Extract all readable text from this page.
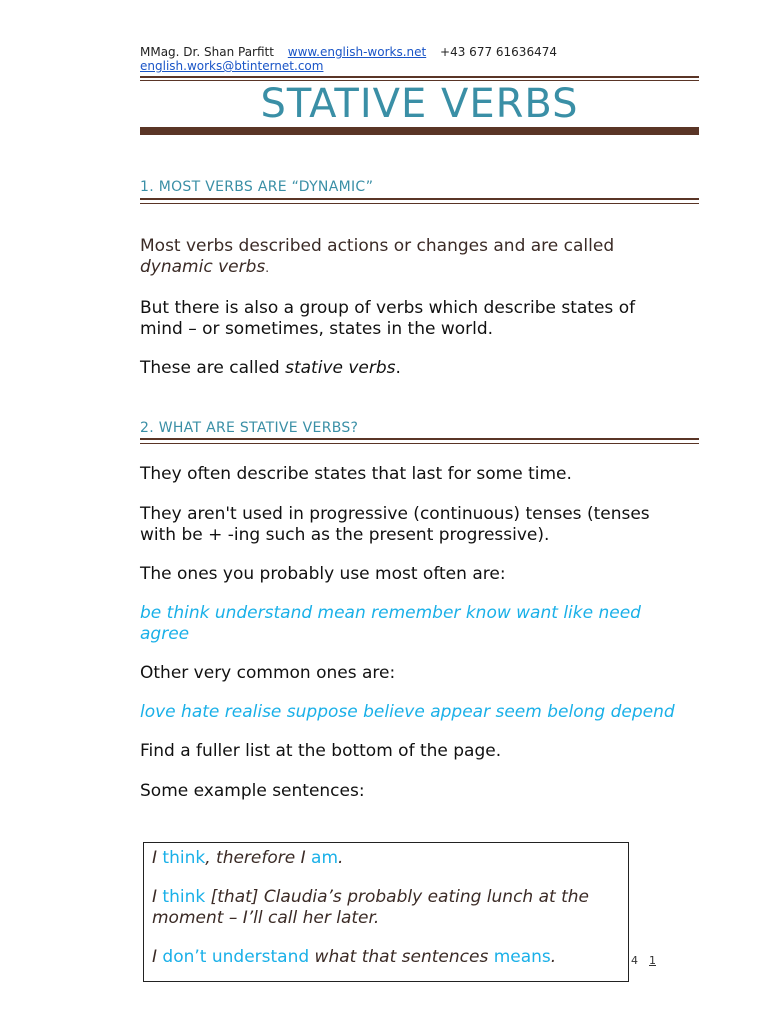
MMag. Dr. Shan Parfitt www.english-works.net +43 677 61636474
english.works@btinternet.com
STATIVE VERBS
1. MOST VERBS ARE “DYNAMIC”
Most verbs described actions or changes and are called
dynamic verbs.
But there is also a group of verbs which describe states of mind – or sometimes, states in the world.
These are called stative verbs.
2. WHAT ARE STATIVE VERBS?
They often describe states that last for some time.
They aren't used in progressive (continuous) tenses (tenses with be + -ing such as the present progressive).
The ones you probably use most often are:
be think understand mean remember know want like need agree
Other very common ones are:
love hate realise suppose believe appear seem belong depend
Find a fuller list at the bottom of the page.
Some example sentences:
I think, therefore I am.
I think [that] Claudia’s probably eating lunch at the moment – I’ll call her later.
I don’t understand what that sentences means.	4 1
